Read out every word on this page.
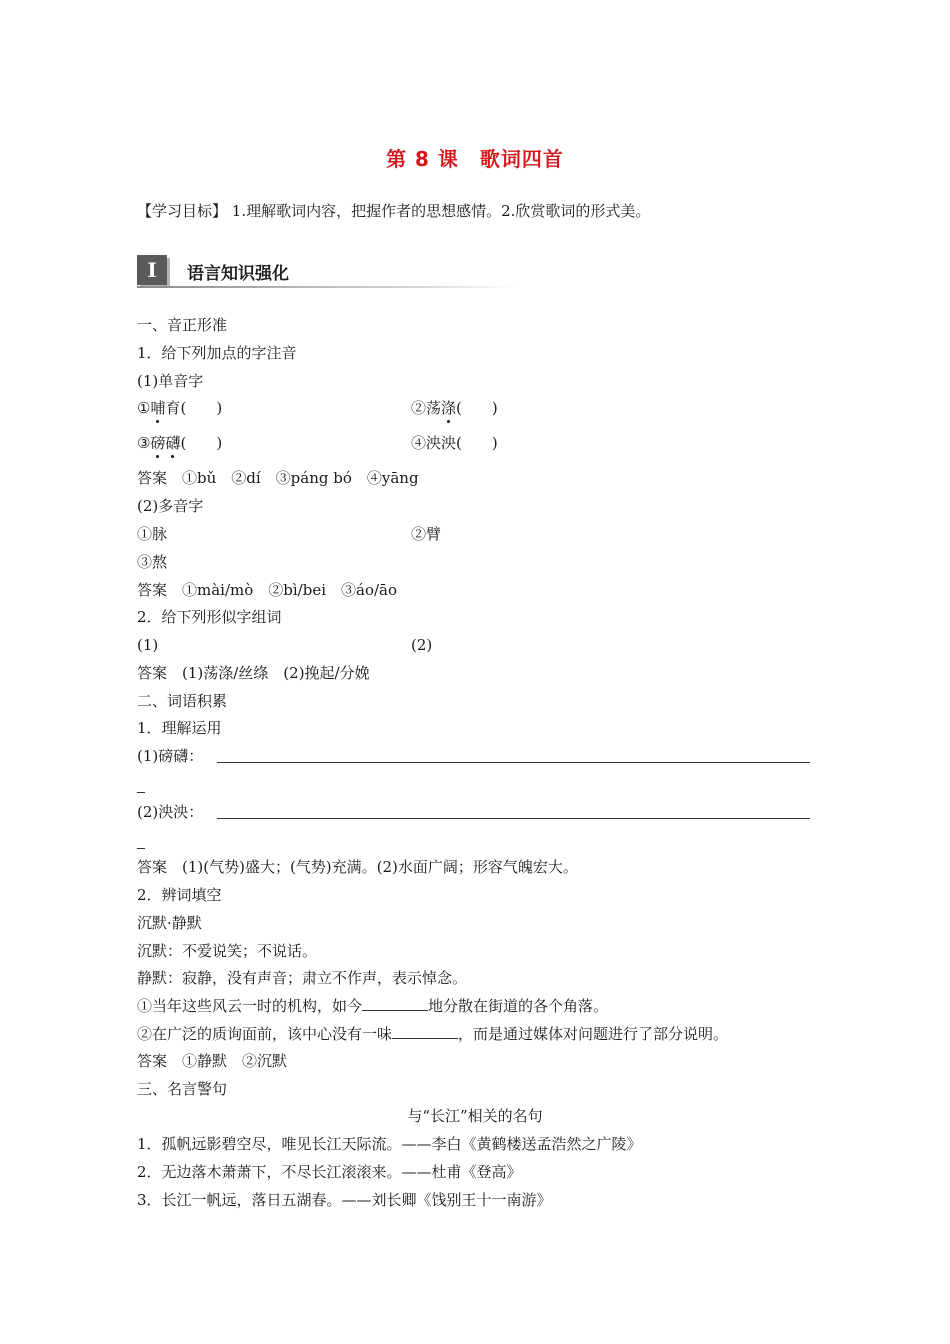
第 8 课　歌词四首
【学习目标】 1.理解歌词内容，把握作者的思想感情。2.欣赏歌词的形式美。
I	语言知识强化
一、音正形准
1．给下列加点的字注音
(1)单音字
①哺育(　　)	②荡涤(　　)
③磅礴(　　)	④泱泱(　　)
答案　①bǔ　②dí　③páng bó　④yāng
(2)多音字
①脉	②臂
③熬
答案　①mài/mò　②bì/bei　③áo/āo
2．给下列形似字组词
(1)	(2)
答案　(1)荡涤/丝绦　(2)挽起/分娩
二、词语积累
1．理解运用
(1)磅礴：
(2)泱泱：
答案　(1)(气势)盛大；(气势)充满。(2)水面广阔；形容气魄宏大。
2．辨词填空
沉默·静默
沉默：不爱说笑；不说话。
静默：寂静，没有声音；肃立不作声，表示悼念。
①当年这些风云一时的机构，如今	地分散在街道的各个角落。
②在广泛的质询面前，该中心没有一味	，而是通过媒体对问题进行了部分说明。
答案　①静默　②沉默
三、名言警句
与“长江”相关的名句
1．孤帆远影碧空尽，唯见长江天际流。——李白《黄鹤楼送孟浩然之广陵》
2．无边落木萧萧下，不尽长江滚滚来。——杜甫《登高》
3．长江一帆远，落日五湖春。——刘长卿《饯别王十一南游》
